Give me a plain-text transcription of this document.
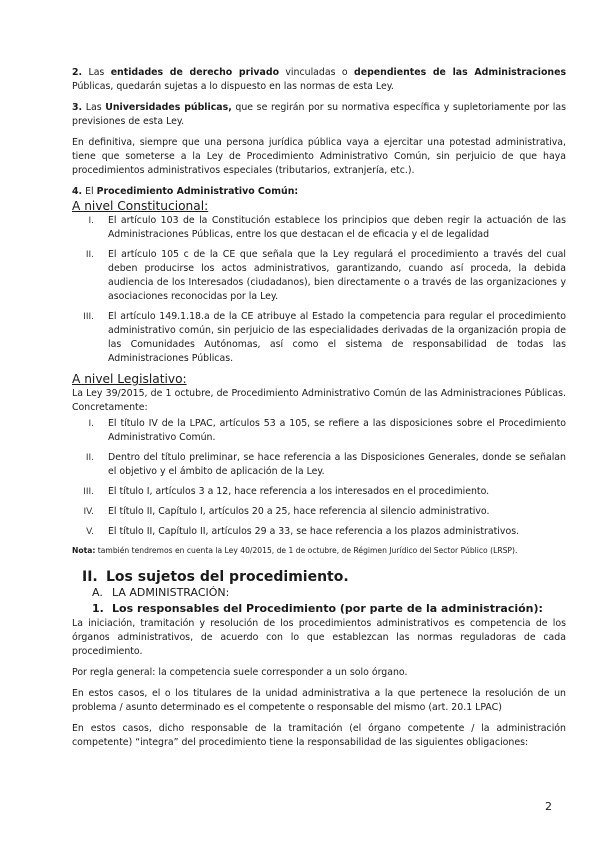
2. Las entidades de derecho privado vinculadas o dependientes de las Administraciones Públicas, quedarán sujetas a lo dispuesto en las normas de esta Ley.

3. Las Universidades públicas, que se regirán por su normativa específica y supletoriamente por las previsiones de esta Ley.

En definitiva, siempre que una persona jurídica pública vaya a ejercitar una potestad administrativa, tiene que someterse a la Ley de Procedimiento Administrativo Común, sin perjuicio de que haya procedimientos administrativos especiales (tributarios, extranjería, etc.).

4. El Procedimiento Administrativo Común:

A nivel Constitucional:
I. El artículo 103 de la Constitución establece los principios que deben regir la actuación de las Administraciones Públicas, entre los que destacan el de eficacia y el de legalidad
II. El artículo 105 c de la CE que señala que la Ley regulará el procedimiento a través del cual deben producirse los actos administrativos, garantizando, cuando así proceda, la debida audiencia de los Interesados (ciudadanos), bien directamente o a través de las organizaciones y asociaciones reconocidas por la Ley.
III. El artículo 149.1.18.a de la CE atribuye al Estado la competencia para regular el procedimiento administrativo común, sin perjuicio de las especialidades derivadas de la organización propia de las Comunidades Autónomas, así como el sistema de responsabilidad de todas las Administraciones Públicas.
A nivel Legislativo:

La Ley 39/2015, de 1 octubre, de Procedimiento Administrativo Común de las Administraciones Públicas. Concretamente:

I. El título IV de la LPAC, artículos 53 a 105, se refiere a las disposiciones sobre el Procedimiento Administrativo Común.
II. Dentro del título preliminar, se hace referencia a las Disposiciones Generales, donde se señalan el objetivo y el ámbito de aplicación de la Ley.
III. El título I, artículos 3 a 12, hace referencia a los interesados en el procedimiento.
IV. El título II, Capítulo I, artículos 20 a 25, hace referencia al silencio administrativo.
V. El título II, Capítulo II, artículos 29 a 33, se hace referencia a los plazos administrativos.

Nota: también tendremos en cuenta la Ley 40/2015, de 1 de octubre, de Régimen Jurídico del Sector Público (LRSP).

II. Los sujetos del procedimiento.
A. LA ADMINISTRACIÓN:
1. Los responsables del Procedimiento (por parte de la administración):

La iniciación, tramitación y resolución de los procedimientos administrativos es competencia de los órganos administrativos, de acuerdo con lo que establezcan las normas reguladoras de cada procedimiento.

Por regla general: la competencia suele corresponder a un solo órgano.

En estos casos, el o los titulares de la unidad administrativa a la que pertenece la resolución de un problema / asunto determinado es el competente o responsable del mismo (art. 20.1 LPAC)

En estos casos, dicho responsable de la tramitación (el órgano competente / la administración competente) “integra” del procedimiento tiene la responsabilidad de las siguientes obligaciones:

2
